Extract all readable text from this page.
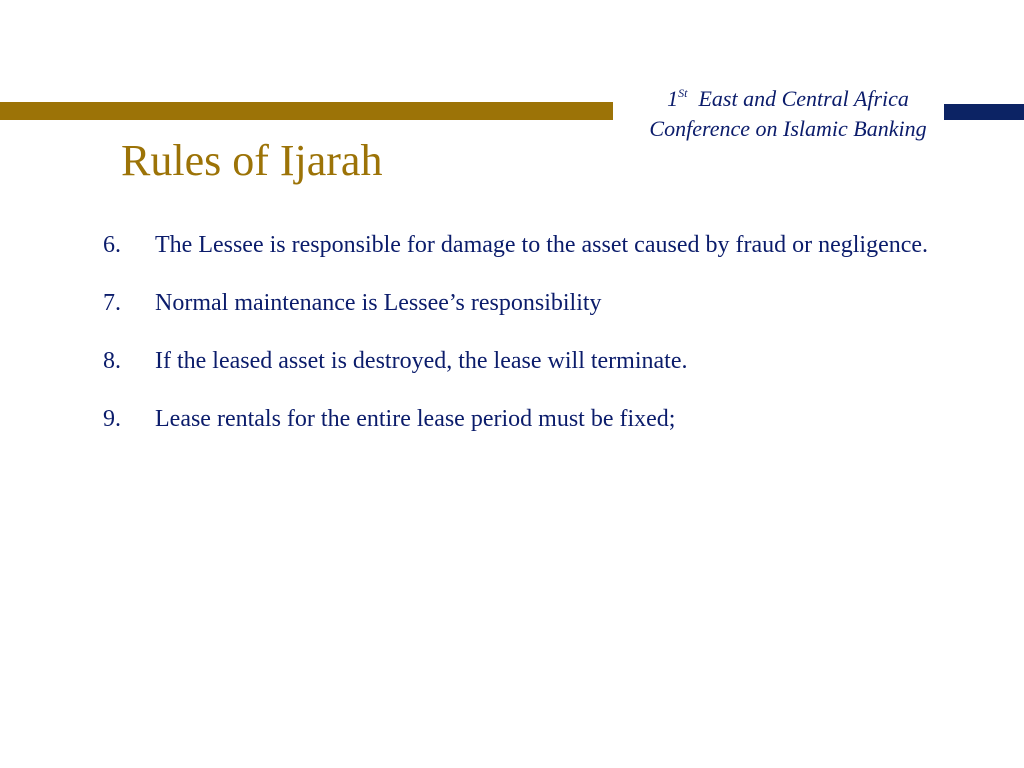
1St East and Central Africa
Conference on Islamic Banking
Rules of Ijarah
6.	The Lessee is responsible for damage to the asset caused by fraud or negligence.
7.	Normal maintenance is Lessee’s responsibility
8.	If the leased asset is destroyed, the lease will terminate.
9.	Lease rentals for the entire lease period must be fixed;
